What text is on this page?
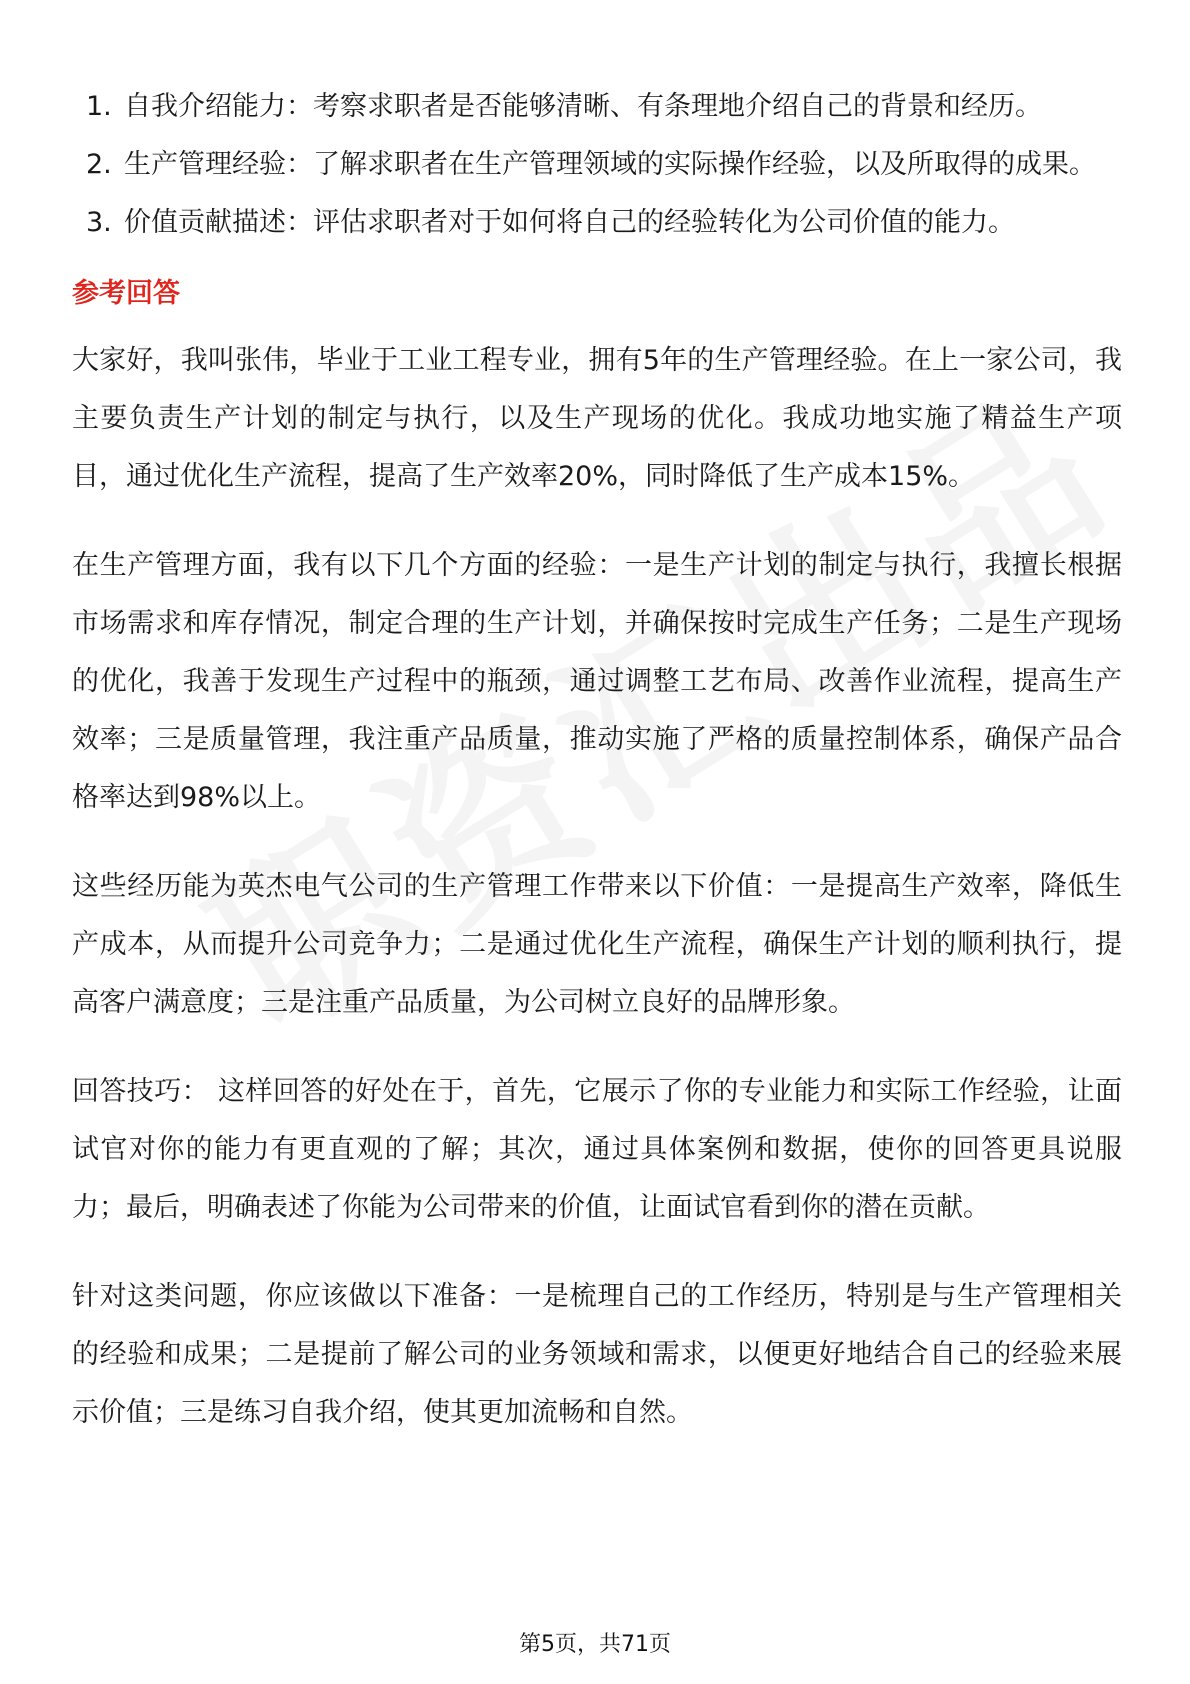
1. 自我介绍能力：考察求职者是否能够清晰、有条理地介绍自己的背景和经历。
2. 生产管理经验：了解求职者在生产管理领域的实际操作经验，以及所取得的成果。
3. 价值贡献描述：评估求职者对于如何将自己的经验转化为公司价值的能力。
参考回答

大家好，我叫张伟，毕业于工业工程专业，拥有5年的生产管理经验。在上一家公司，我主要负责生产计划的制定与执行，以及生产现场的优化。我成功地实施了精益生产项目，通过优化生产流程，提高了生产效率20%，同时降低了生产成本15%。

在生产管理方面，我有以下几个方面的经验：一是生产计划的制定与执行，我擅长根据市场需求和库存情况，制定合理的生产计划，并确保按时完成生产任务；二是生产现场的优化，我善于发现生产过程中的瓶颈，通过调整工艺布局、改善作业流程，提高生产效率；三是质量管理，我注重产品质量，推动实施了严格的质量控制体系，确保产品合格率达到98%以上。

这些经历能为英杰电气公司的生产管理工作带来以下价值：一是提高生产效率，降低生产成本，从而提升公司竞争力；二是通过优化生产流程，确保生产计划的顺利执行，提高客户满意度；三是注重产品质量，为公司树立良好的品牌形象。

回答技巧： 这样回答的好处在于，首先，它展示了你的专业能力和实际工作经验，让面试官对你的能力有更直观的了解；其次，通过具体案例和数据，使你的回答更具说服力；最后，明确表述了你能为公司带来的价值，让面试官看到你的潜在贡献。

针对这类问题，你应该做以下准备：一是梳理自己的工作经历，特别是与生产管理相关的经验和成果；二是提前了解公司的业务领域和需求，以便更好地结合自己的经验来展示价值；三是练习自我介绍，使其更加流畅和自然。

第5页，共71页
